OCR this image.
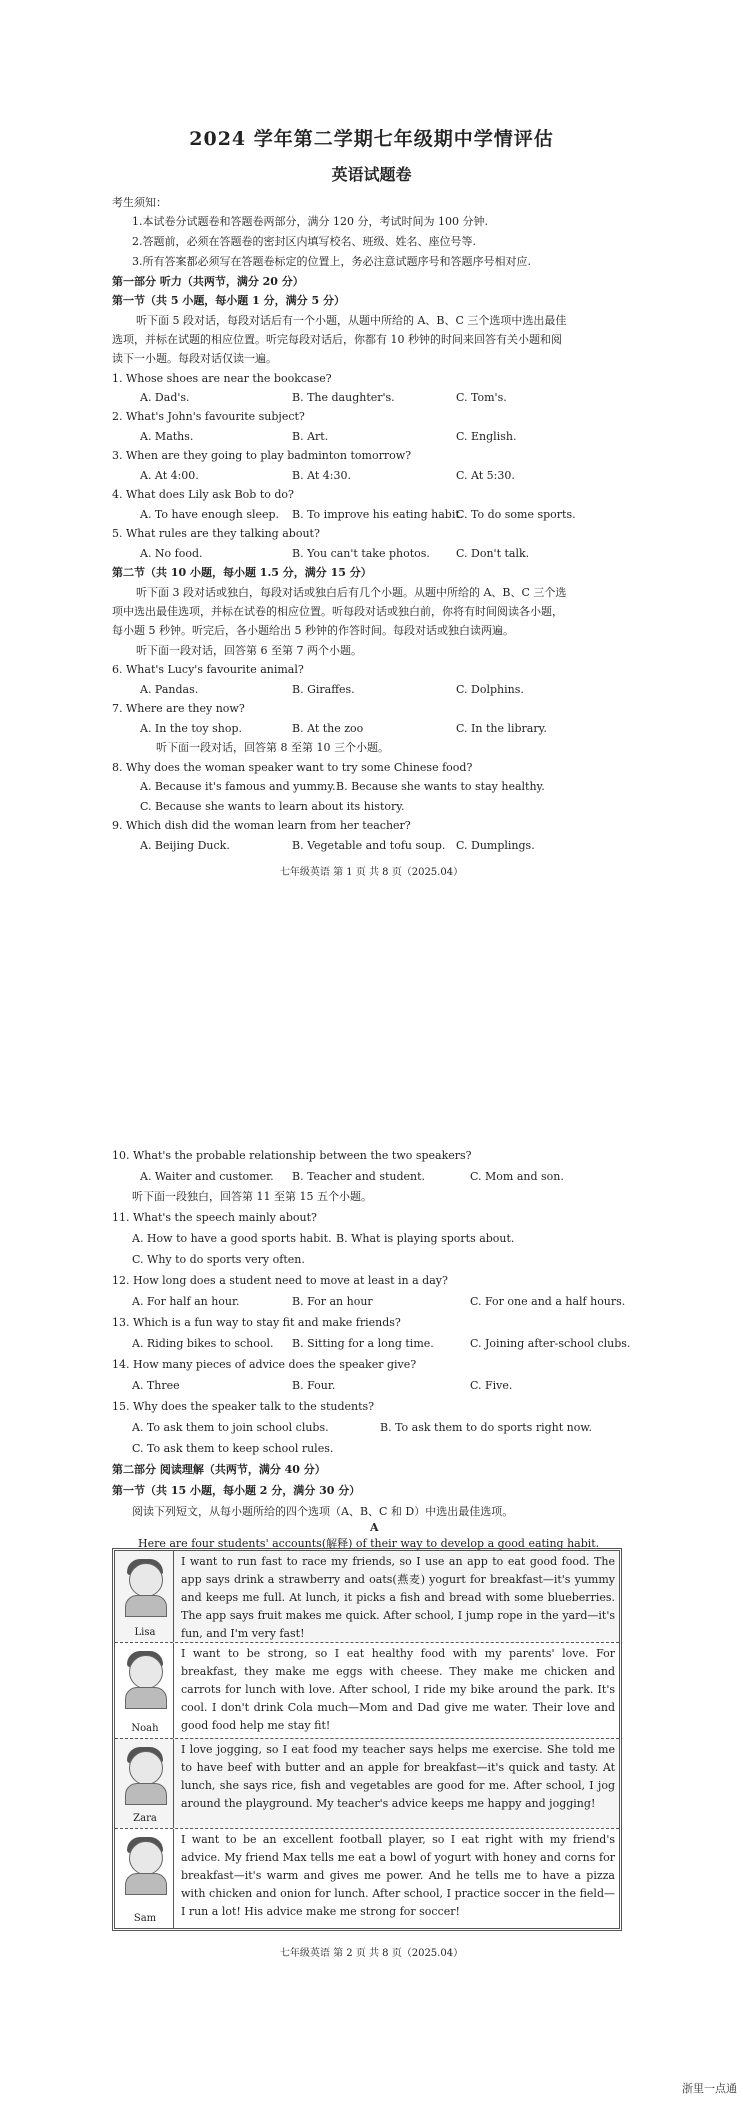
2024 学年第二学期七年级期中学情评估
英语试题卷
考生须知：
1.本试卷分试题卷和答题卷两部分，满分 120 分，考试时间为 100 分钟.
2.答题前，必须在答题卷的密封区内填写校名、班级、姓名、座位号等.
3.所有答案都必须写在答题卷标定的位置上，务必注意试题序号和答题序号相对应.
第一部分 听力（共两节，满分 20 分）
第一节（共 5 小题，每小题 1 分，满分 5 分）
听下面 5 段对话，每段对话后有一个小题，从题中所给的 A、B、C 三个选项中选出最佳
选项，并标在试题的相应位置。听完每段对话后，你都有 10 秒钟的时间来回答有关小题和阅
读下一小题。每段对话仅读一遍。
1. Whose shoes are near the bookcase?
A. Dad's.	B. The daughter's.	C. Tom's.
2. What's John's favourite subject?
A. Maths.	B. Art.	C. English.
3. When are they going to play badminton tomorrow?
A. At 4:00.	B. At 4:30.	C. At 5:30.
4. What does Lily ask Bob to do?
A. To have enough sleep. B. To improve his eating habit.
C. To do some sports.
5. What rules are they talking about?
A. No food.	B. You can't take photos. C. Don't talk.
第二节（共 10 小题，每小题 1.5 分，满分 15 分）
听下面 3 段对话或独白，每段对话或独白后有几个小题。从题中所给的 A、B、C 三个选
项中选出最佳选项，并标在试卷的相应位置。听每段对话或独白前，你将有时间阅读各小题，
每小题 5 秒钟。听完后，各小题给出 5 秒钟的作答时间。每段对话或独白读两遍。
听下面一段对话，回答第 6 至第 7 两个小题。
6. What's Lucy's favourite animal?
A. Pandas.	B. Giraffes.	C. Dolphins.
7. Where are they now?
A. In the toy shop.	B. At the zoo	C. In the library.
听下面一段对话，回答第 8 至第 10 三个小题。
8. Why does the woman speaker want to try some Chinese food?
A. Because it's famous and yummy. B. Because she wants to stay healthy.
C. Because she wants to learn about its history.
9. Which dish did the woman learn from her teacher?
A. Beijing Duck.	B. Vegetable and tofu soup. C. Dumplings.
七年级英语 第 1 页 共 8 页（2025.04）
10. What's the probable relationship between the two speakers?
A. Waiter and customer. B. Teacher and student.	C. Mom and son.
听下面一段独白，回答第 11 至第 15 五个小题。
11. What's the speech mainly about?
A. How to have a good sports habit. B. What is playing sports about.
C. Why to do sports very often.
12. How long does a student need to move at least in a day?
A. For half an hour.	B. For an hour	C. For one and a half hours.
13. Which is a fun way to stay fit and make friends?
A. Riding bikes to school. B. Sitting for a long time.	C. Joining after-school clubs.
14. How many pieces of advice does the speaker give?
A. Three	B. Four.	C. Five.
15. Why does the speaker talk to the students?
A. To ask them to join school clubs.	B. To ask them to do sports right now.
C. To ask them to keep school rules.
第二部分 阅读理解（共两节，满分 40 分）
第一节（共 15 小题，每小题 2 分，满分 30 分）
阅读下列短文，从每小题所给的四个选项（A、B、C 和 D）中选出最佳选项。
A
Here are four students' accounts(解释) of their way to develop a good eating habit.
Lisa
I want to run fast to race my friends, so I use an app to eat good food. The app says drink a strawberry and oats(燕麦) yogurt for breakfast—it's yummy and keeps me full. At lunch, it picks a fish and bread with some blueberries. The app says fruit makes me quick. After school, I jump rope in the yard—it's fun, and I'm very fast!
Noah
I want to be strong, so I eat healthy food with my parents' love. For breakfast, they make me eggs with cheese. They make me chicken and carrots for lunch with love. After school, I ride my bike around the park. It's cool. I don't drink Cola much—Mom and Dad give me water. Their love and good food help me stay fit!
Zara
I love jogging, so I eat food my teacher says helps me exercise. She told me to have beef with butter and an apple for breakfast—it's quick and tasty. At lunch, she says rice, fish and vegetables are good for me. After school, I jog around the playground. My teacher's advice keeps me happy and jogging!
Sam
I want to be an excellent football player, so I eat right with my friend's advice. My friend Max tells me eat a bowl of yogurt with honey and corns for breakfast—it's warm and gives me power. And he tells me to have a pizza with chicken and onion for lunch. After school, I practice soccer in the field—I run a lot! His advice make me strong for soccer!
七年级英语 第 2 页 共 8 页（2025.04）
浙里一点通
